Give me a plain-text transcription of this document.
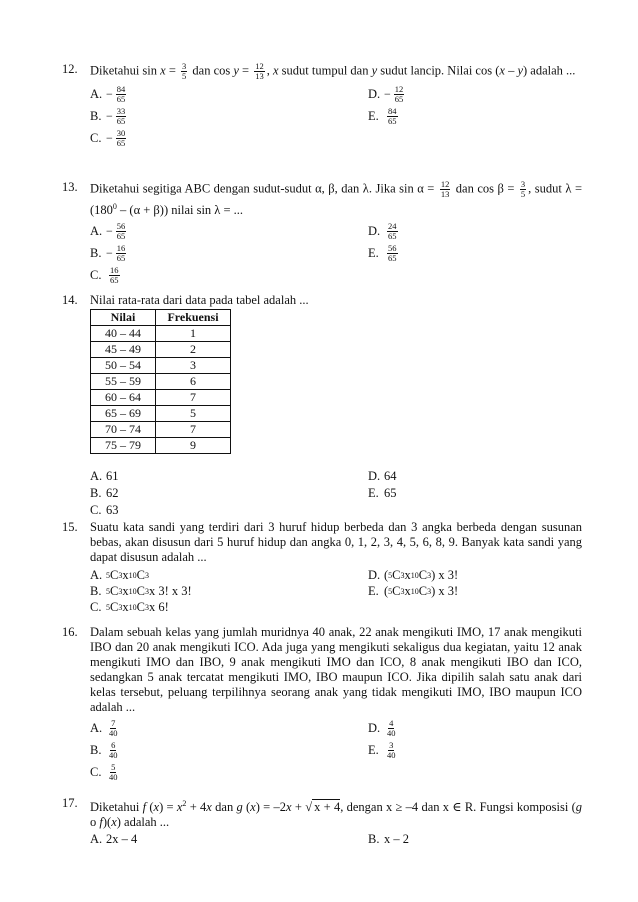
12. Diketahui $\sin x = \frac{3}{5}$ dan $\cos y = \frac{12}{13}$ , x sudut tumpul dan y sudut lancip. Nilai cos (x – y) adalah ...
A. − $\frac{84}{65}$
B. − $\frac{33}{65}$
C. − $\frac{30}{65}$
D. − $\frac{12}{65}$
E. $\frac{84}{65}$
13. Diketahui segitiga ABC dengan sudut-sudut α, β, dan λ. Jika $\sin \alpha = \frac{12}{13}$ dan $\cos \beta = \frac{3}{5}$ , sudut $\lambda = (180^0 - (\alpha + \beta))$ nilai sin λ = ...
A. − $\frac{56}{65}$
B. − $\frac{16}{65}$
C. $\frac{16}{65}$
D. $\frac{24}{65}$
E. $\frac{56}{65}$
14. Nilai rata-rata dari data pada tabel adalah ...
Nilai	Frekuensi
40 – 44	1
45 – 49	2
50 – 54	3
55 – 59	6
60 – 64	7
65 – 69	5
70 – 74	7
75 – 79	9
A. 61
B. 62
C. 63
D. 64
E. 65
15. Suatu kata sandi yang terdiri dari 3 huruf hidup berbeda dan 3 angka berbeda dengan susunan bebas, akan disusun dari 5 huruf hidup dan angka 0, 1, 2, 3, 4, 5, 6, 8, 9. Banyak kata sandi yang dapat disusun adalah ...
A. 5 C 3 x 10 C 3
B. 5 C 3 x 10 C 3 x 3! x 3!
C. 5 C 3 x 10 C 3 x 6!
D. ( 5 C 3 x 10 C 3 ) x 3!
E. ( 5 C 3 x 10 C 3 ) x 3!
16. Dalam sebuah kelas yang jumlah muridnya 40 anak, 22 anak mengikuti IMO, 17 anak mengikuti IBO dan 20 anak mengikuti ICO. Ada juga yang mengikuti sekaligus dua kegiatan, yaitu 12 anak mengikuti IMO dan IBO, 9 anak mengikuti IMO dan ICO, 8 anak mengikuti IBO dan ICO, sedangkan 5 anak tercatat mengikuti IMO, IBO maupun ICO. Jika dipilih salah satu anak dari kelas tersebut, peluang terpilihnya seorang anak yang tidak mengikuti IMO, IBO maupun ICO adalah ...
A. $\frac{7}{40}$
B. $\frac{6}{40}$
C. $\frac{5}{40}$
D. $\frac{4}{40}$
E. $\frac{3}{40}$
17. Diketahui f $(x) = x^2 + 4x$ dan g (x) = –2x + √ x + 4, dengan x ≥ –4 dan x ∈ R. Fungsi komposisi (g o f)(x) adalah ...
A. 2x – 4	B. x – 2
